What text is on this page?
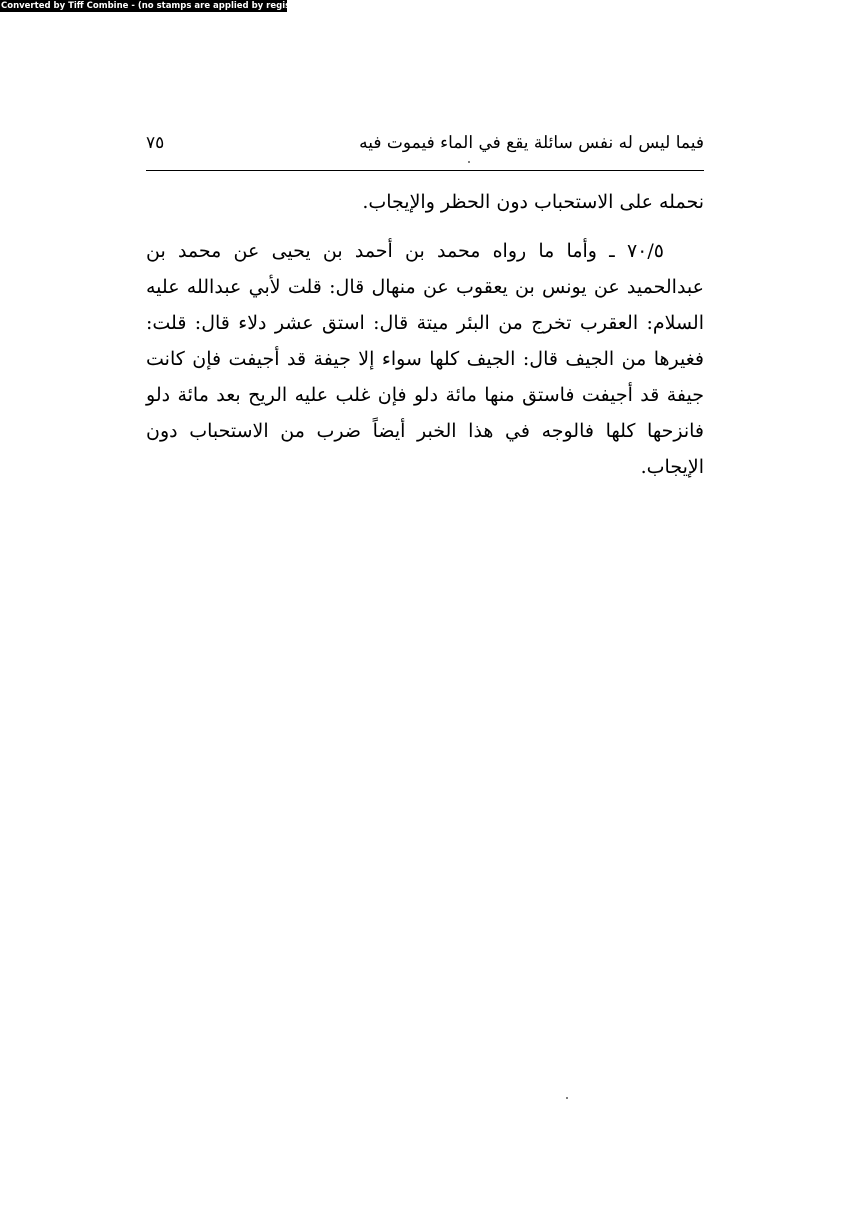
Converted by Tiff Combine - (no stamps are applied by registered version)
فيما ليس له نفس سائلة يقع في الماء فيموت فيه
٧٥

نحمله على الاستحباب دون الحظر والإيجاب.

٧٠/٥ ـ وأما ما رواه محمد بن أحمد بن يحيى عن محمد بن عبدالحميد عن يونس بن يعقوب عن منهال قال: قلت لأبي عبدالله عليه السلام: العقرب تخرج من البئر ميتة قال: استق عشر دلاء قال: قلت: فغيرها من الجيف قال: الجيف كلها سواء إلا جيفة قد أجيفت فإن كانت جيفة قد أجيفت فاستق منها مائة دلو فإن غلب عليه الريح بعد مائة دلو فانزحها كلها فالوجه في هذا الخبر أيضاً ضرب من الاستحباب دون الإيجاب.
